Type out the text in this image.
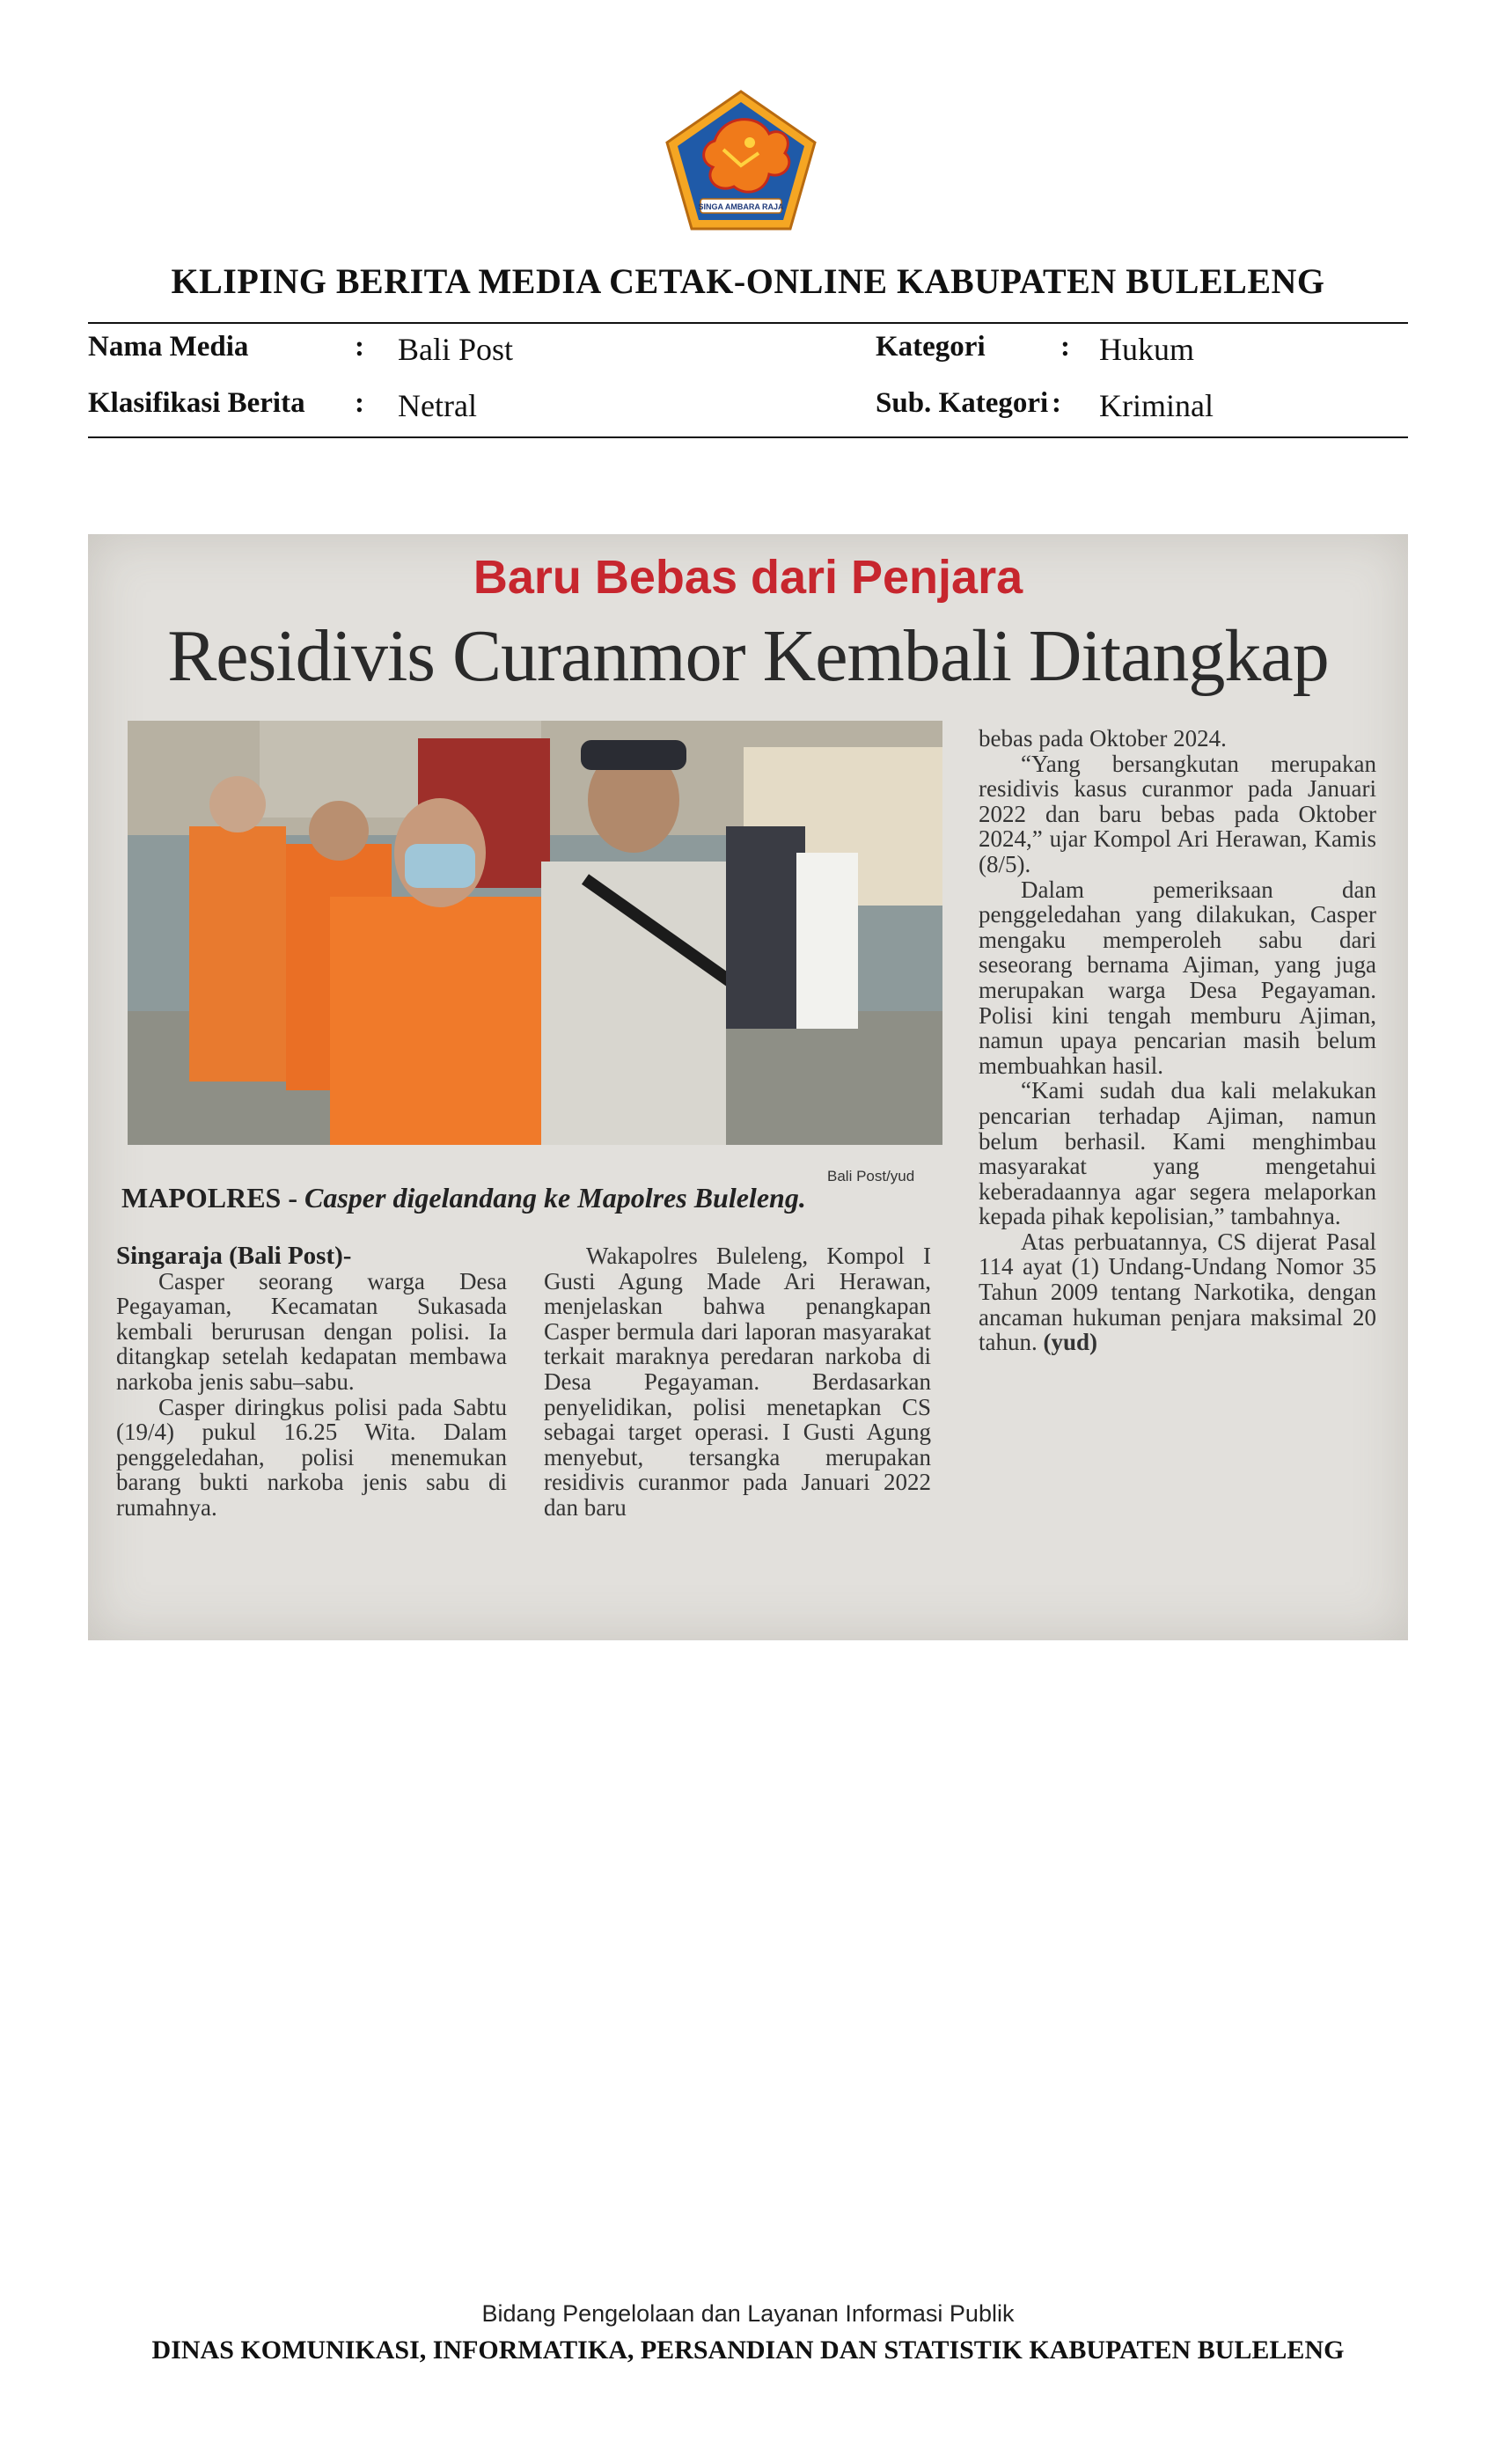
SINGA AMBARA RAJA
KLIPING BERITA MEDIA CETAK-ONLINE KABUPATEN BULELENG
Nama Media	: Bali Post	Kategori	: Hukum
Klasifikasi Berita : Netral	Sub. Kategori : Kriminal
Baru Bebas dari Penjara
Residivis Curanmor Kembali Ditangkap
Bali Post/yud
MAPOLRES - Casper digelandang ke Mapolres Buleleng.

Singaraja (Bali Post)-

Casper seorang warga Desa Pegayaman, Kecamatan Sukasada kembali berurusan dengan polisi. Ia ditangkap setelah kedapatan membawa narkoba jenis sabu–sabu.

Casper diringkus polisi pada Sabtu (19/4) pukul 16.25 Wita. Dalam penggeledahan, polisi menemukan barang bukti narkoba jenis sabu di rumahnya.

Wakapolres Buleleng, Kompol I Gusti Agung Made Ari Herawan, menjelaskan bahwa penangkapan Casper bermula dari laporan masyarakat terkait maraknya peredaran narkoba di Desa Pegayaman. Berdasarkan penyelidikan, polisi menetapkan CS sebagai target operasi. I Gusti Agung menyebut, tersangka merupakan residivis curanmor pada Januari 2022 dan baru

bebas pada Oktober 2024.

“Yang bersangkutan merupakan residivis kasus curanmor pada Januari 2022 dan baru bebas pada Oktober 2024,” ujar Kompol Ari Herawan, Kamis (8/5).

Dalam pemeriksaan dan penggeledahan yang dilakukan, Casper mengaku memperoleh sabu dari seseorang bernama Ajiman, yang juga merupakan warga Desa Pegayaman. Polisi kini tengah memburu Ajiman, namun upaya pencarian masih belum membuahkan hasil.

“Kami sudah dua kali melakukan pencarian terhadap Ajiman, namun belum berhasil. Kami menghimbau masyarakat yang mengetahui keberadaannya agar segera melaporkan kepada pihak kepolisian,” tambahnya.

Atas perbuatannya, CS dijerat Pasal 114 ayat (1) Undang-Undang Nomor 35 Tahun 2009 tentang Narkotika, dengan ancaman hukuman penjara maksimal 20 tahun. (yud)

Bidang Pengelolaan dan Layanan Informasi Publik
DINAS KOMUNIKASI, INFORMATIKA, PERSANDIAN DAN STATISTIK KABUPATEN BULELENG
